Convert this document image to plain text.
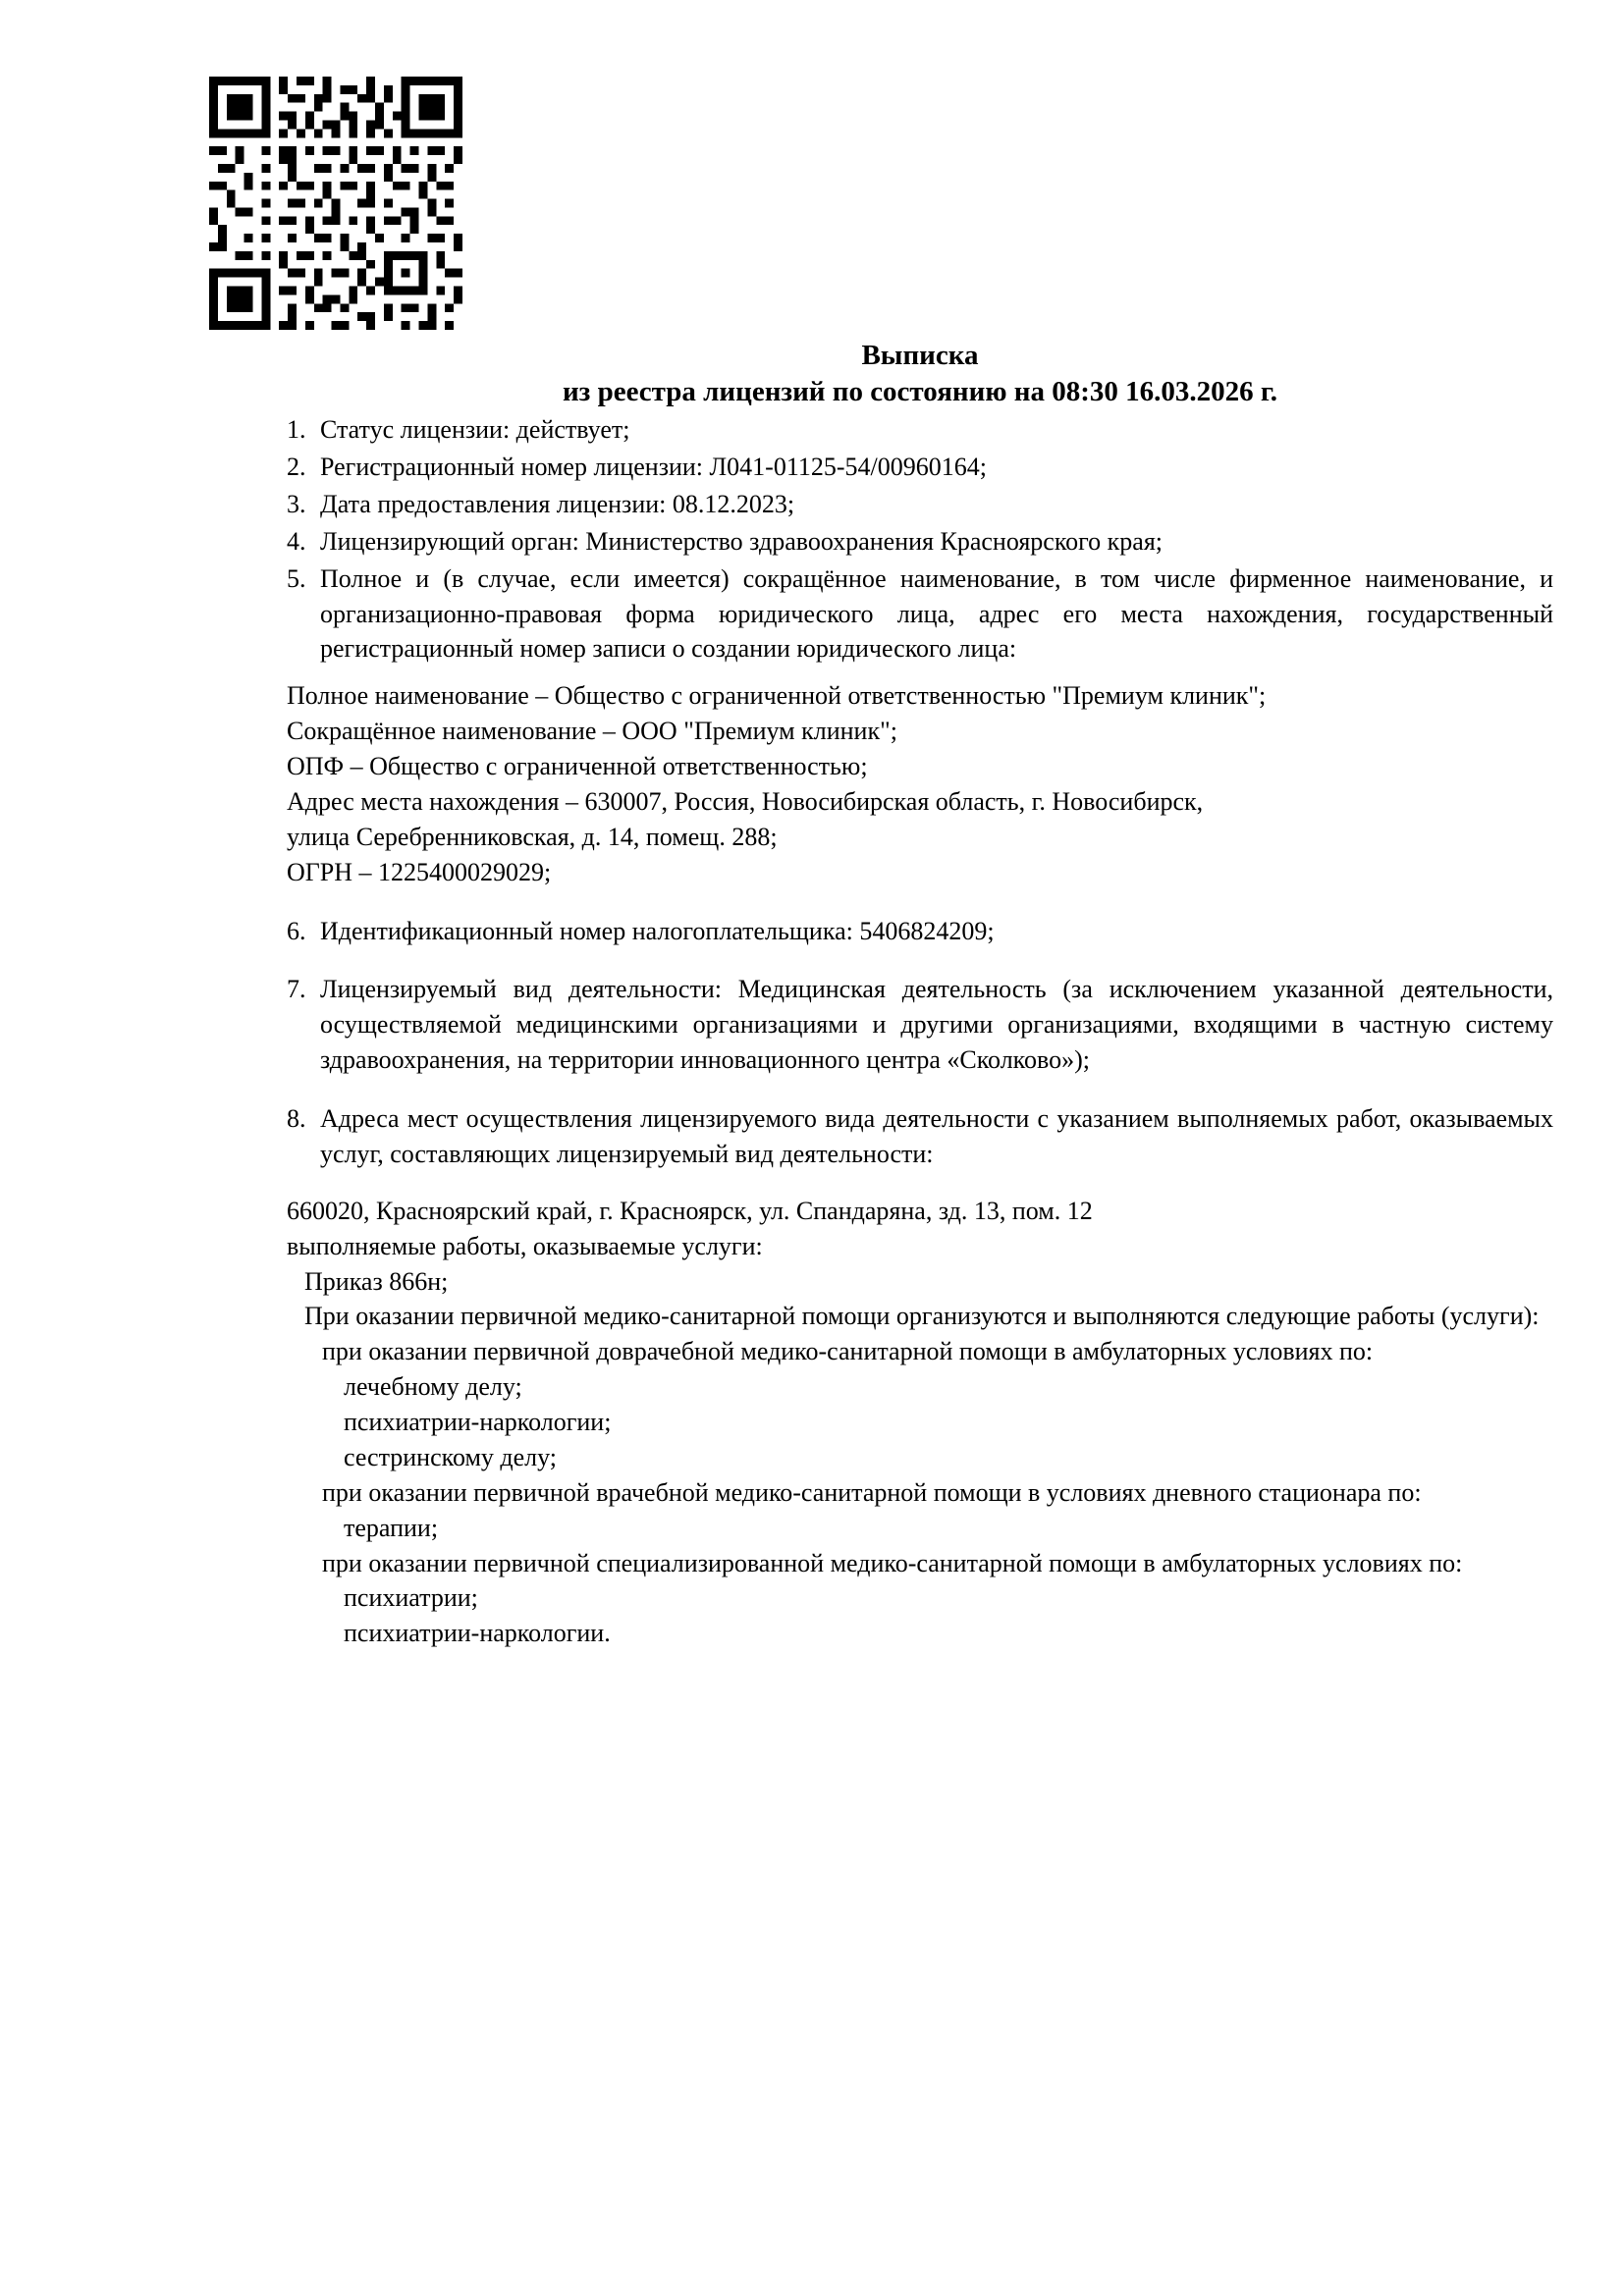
Выписка
из реестра лицензий по состоянию на 08:30 16.03.2026 г.
1. Статус лицензии: действует;
2. Регистрационный номер лицензии: Л041-01125-54/00960164;
3. Дата предоставления лицензии: 08.12.2023;
4. Лицензирующий орган: Министерство здравоохранения Красноярского края;
5. Полное и (в случае, если имеется) сокращённое наименование, в том числе фирменное наименование, и организационно-правовая форма юридического лица, адрес его места нахождения, государственный регистрационный номер записи о создании юридического лица:

Полное наименование – Общество с ограниченной ответственностью "Премиум клиник";

Сокращённое наименование – ООО "Премиум клиник";

ОПФ – Общество с ограниченной ответственностью;

Адрес места нахождения – 630007, Россия, Новосибирская область, г. Новосибирск,

улица Серебренниковская, д. 14, помещ. 288;

ОГРН – 1225400029029;

6. Идентификационный номер налогоплательщика: 5406824209;
7. Лицензируемый вид деятельности: Медицинская деятельность (за исключением указанной деятельности, осуществляемой медицинскими организациями и другими организациями, входящими в частную систему здравоохранения, на территории инновационного центра «Сколково»);
8. Адреса мест осуществления лицензируемого вида деятельности с указанием выполняемых работ, оказываемых услуг, составляющих лицензируемый вид деятельности:

660020, Красноярский край, г. Красноярск, ул. Спандаряна, зд. 13, пом. 12

выполняемые работы, оказываемые услуги:

Приказ 866н;

При оказании первичной медико-санитарной помощи организуются и выполняются следующие работы (услуги):

при оказании первичной доврачебной медико-санитарной помощи в амбулаторных условиях по:

лечебному делу;

психиатрии-наркологии;

сестринскому делу;

при оказании первичной врачебной медико-санитарной помощи в условиях дневного стационара по:

терапии;

при оказании первичной специализированной медико-санитарной помощи в амбулаторных условиях по:

психиатрии;

психиатрии-наркологии.
